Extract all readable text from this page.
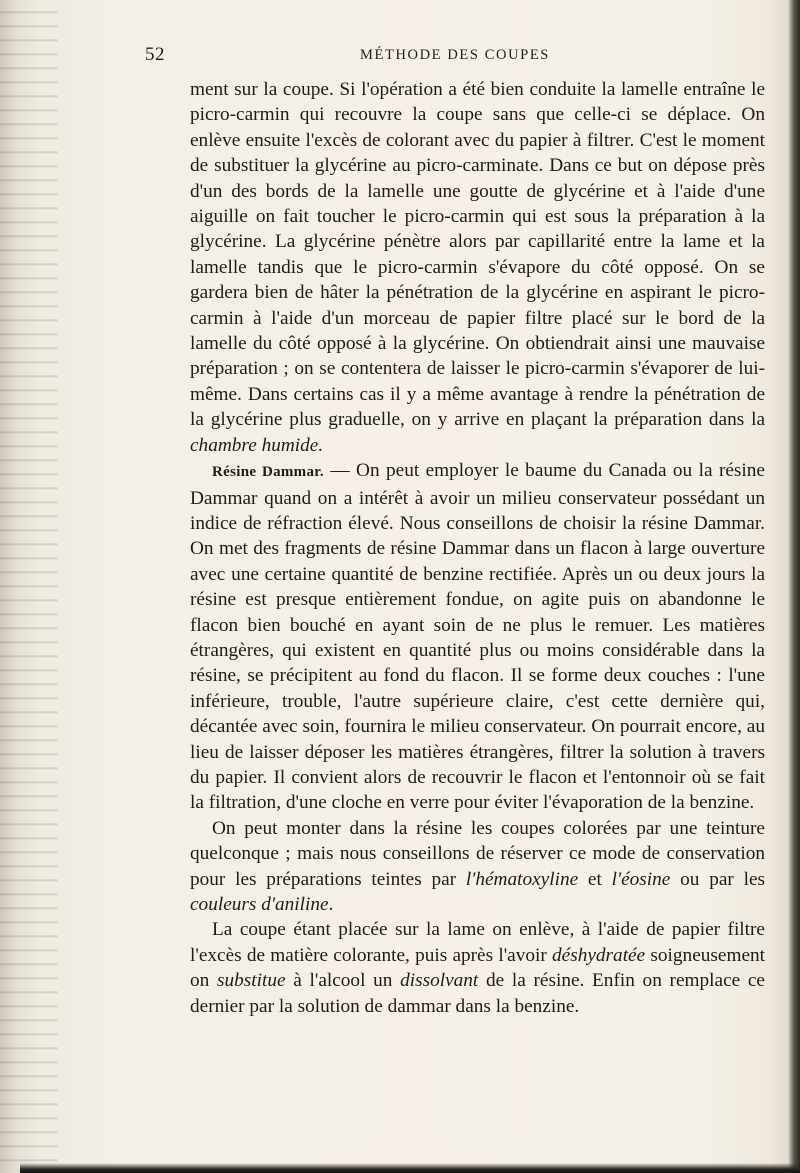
52	MÉTHODE DES COUPES

ment sur la coupe. Si l'opération a été bien conduite la lamelle entraîne le picro-carmin qui recouvre la coupe sans que celle-ci se déplace. On enlève ensuite l'excès de colorant avec du papier à filtrer. C'est le moment de substituer la glycérine au picro-carminate. Dans ce but on dépose près d'un des bords de la lamelle une goutte de glycérine et à l'aide d'une aiguille on fait toucher le picro-carmin qui est sous la préparation à la glycérine. La glycérine pénètre alors par capillarité entre la lame et la lamelle tandis que le picro-carmin s'évapore du côté opposé. On se gardera bien de hâter la pénétration de la glycérine en aspirant le picro-carmin à l'aide d'un morceau de papier filtre placé sur le bord de la lamelle du côté opposé à la glycérine. On obtiendrait ainsi une mauvaise préparation ; on se contentera de laisser le picro-carmin s'évaporer de lui-même. Dans certains cas il y a même avantage à rendre la pénétration de la glycérine plus graduelle, on y arrive en plaçant la préparation dans la chambre humide.

Résine Dammar. — On peut employer le baume du Canada ou la résine Dammar quand on a intérêt à avoir un milieu conservateur possédant un indice de réfraction élevé. Nous conseillons de choisir la résine Dammar. On met des fragments de résine Dammar dans un flacon à large ouverture avec une certaine quantité de benzine rectifiée. Après un ou deux jours la résine est presque entièrement fondue, on agite puis on abandonne le flacon bien bouché en ayant soin de ne plus le remuer. Les matières étrangères, qui existent en quantité plus ou moins considérable dans la résine, se précipitent au fond du flacon. Il se forme deux couches : l'une inférieure, trouble, l'autre supérieure claire, c'est cette dernière qui, décantée avec soin, fournira le milieu conservateur. On pourrait encore, au lieu de laisser déposer les matières étrangères, filtrer la solution à travers du papier. Il convient alors de recouvrir le flacon et l'entonnoir où se fait la filtration, d'une cloche en verre pour éviter l'évaporation de la benzine.

On peut monter dans la résine les coupes colorées par une teinture quelconque ; mais nous conseillons de réserver ce mode de conservation pour les préparations teintes par l'hématoxyline et l'éosine ou par les couleurs d'aniline.

La coupe étant placée sur la lame on enlève, à l'aide de papier filtre l'excès de matière colorante, puis après l'avoir déshydratée soigneusement on substitue à l'alcool un dissolvant de la résine. Enfin on remplace ce dernier par la solution de dammar dans la benzine.
